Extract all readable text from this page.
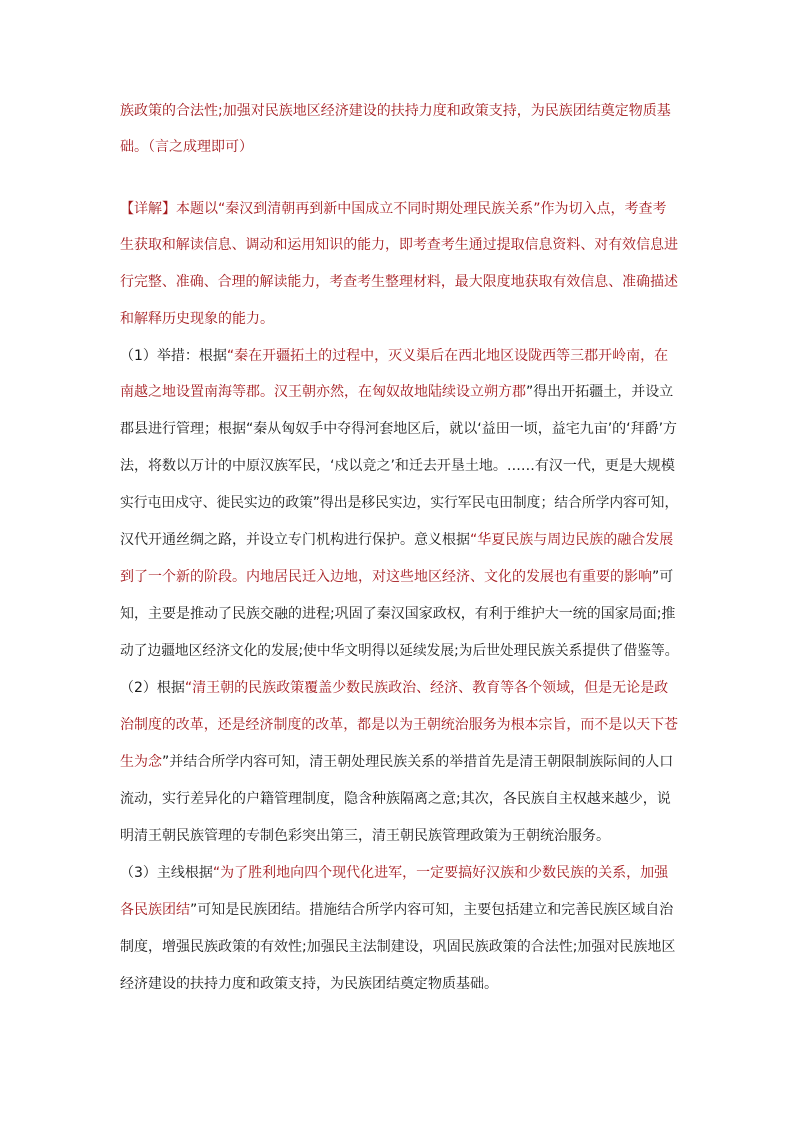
族政策的合法性;加强对民族地区经济建设的扶持力度和政策支持，为民族团结奠定物质基
础。（言之成理即可）
【详解】本题以“秦汉到清朝再到新中国成立不同时期处理民族关系”作为切入点，考查考
生获取和解读信息、调动和运用知识的能力，即考查考生通过提取信息资料、对有效信息进
行完整、准确、合理的解读能力，考查考生整理材料，最大限度地获取有效信息、准确描述
和解释历史现象的能力。
（1）举措：根据“秦在开疆拓土的过程中，灭义渠后在西北地区设陇西等三郡开岭南，在
南越之地设置南海等郡。汉王朝亦然，在匈奴故地陆续设立朔方郡”得出开拓疆土，并设立
郡县进行管理；根据“秦从匈奴手中夺得河套地区后，就以‘益田一顷，益宅九亩’的‘拜爵’方
法，将数以万计的中原汉族军民，‘戍以竞之’和迁去开垦土地。……有汉一代，更是大规模
实行屯田戍守、徙民实边的政策”得出是移民实边，实行军民屯田制度；结合所学内容可知，
汉代开通丝绸之路，并设立专门机构进行保护。意义根据“华夏民族与周边民族的融合发展
到了一个新的阶段。内地居民迁入边地，对这些地区经济、文化的发展也有重要的影响”可
知，主要是推动了民族交融的进程;巩固了秦汉国家政权，有利于维护大一统的国家局面;推
动了边疆地区经济文化的发展;使中华文明得以延续发展;为后世处理民族关系提供了借鉴等。
（2）根据“清王朝的民族政策覆盖少数民族政治、经济、教育等各个领域，但是无论是政
治制度的改革，还是经济制度的改革，都是以为王朝统治服务为根本宗旨，而不是以天下苍
生为念”并结合所学内容可知，清王朝处理民族关系的举措首先是清王朝限制族际间的人口
流动，实行差异化的户籍管理制度，隐含种族隔离之意;其次，各民族自主权越来越少，说
明清王朝民族管理的专制色彩突出第三，清王朝民族管理政策为王朝统治服务。
（3）主线根据“为了胜利地向四个现代化进军，一定要搞好汉族和少数民族的关系，加强
各民族团结”可知是民族团结。措施结合所学内容可知，主要包括建立和完善民族区域自治
制度，增强民族政策的有效性;加强民主法制建设，巩固民族政策的合法性;加强对民族地区
经济建设的扶持力度和政策支持，为民族团结奠定物质基础。
